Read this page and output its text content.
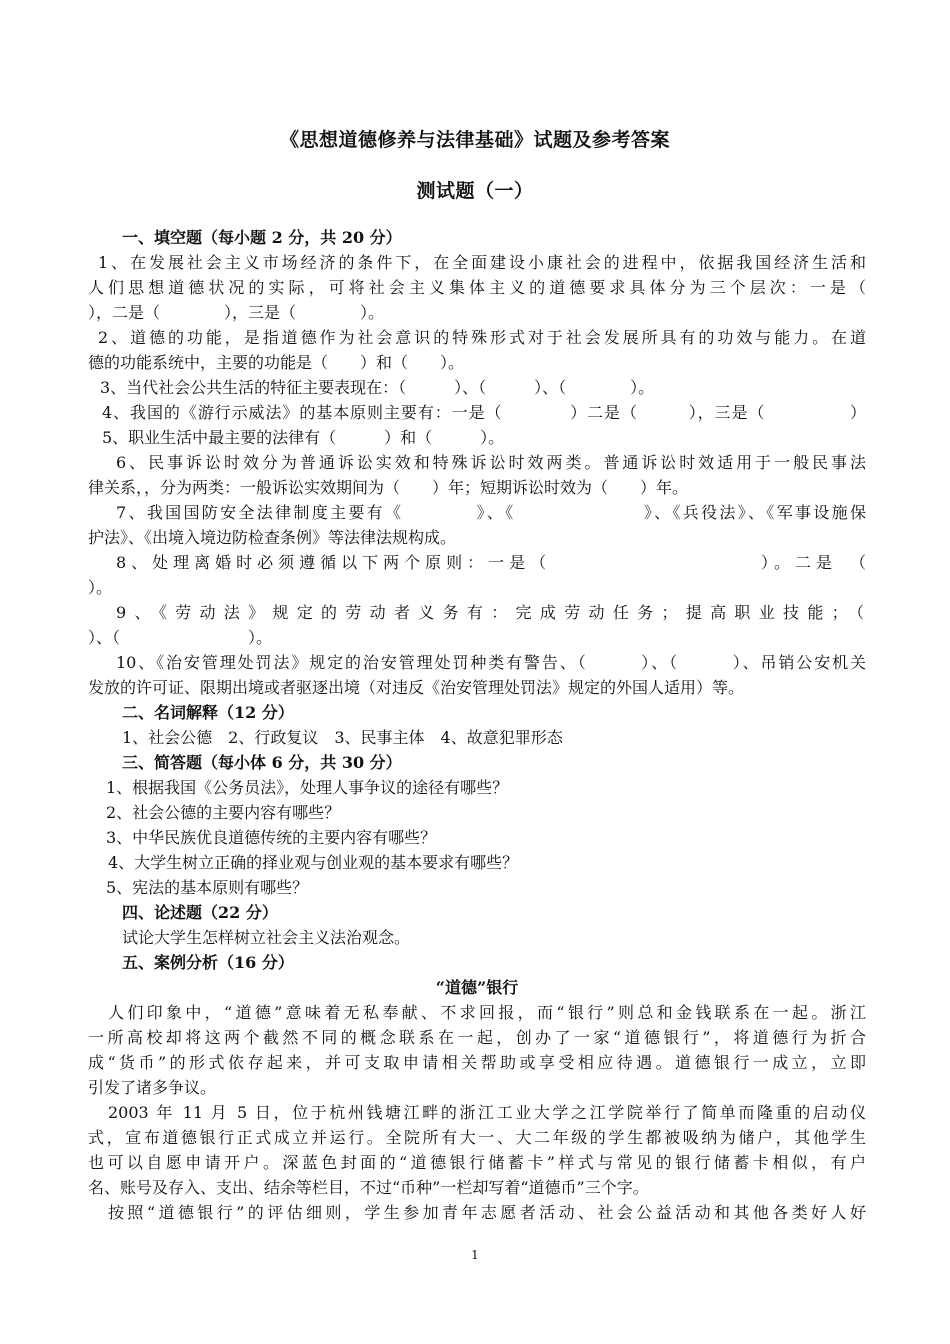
《思想道德修养与法律基础》试题及参考答案
测试题（一）

一、填空题（每小题 2 分，共 20 分）

1、在发展社会主义市场经济的条件下，在全面建设小康社会的进程中，依据我国经济生活和

人们思想道德状况的实际，可将社会主义集体主义的道德要求具体分为三个层次：一是（

），二是（　　　　），三是（　　　　）。

2、道德的功能，是指道德作为社会意识的特殊形式对于社会发展所具有的功效与能力。在道

德的功能系统中，主要的功能是（　　）和（　　）。

3、当代社会公共生活的特征主要表现在：（　　　）、（　　　）、（　　　　）。

4、我国的《游行示威法》的基本原则主要有：一是（　　　　）二是（　　　），三是（　　　　　）

5、职业生活中最主要的法律有（　　　）和（　　　）。

6、民事诉讼时效分为普通诉讼实效和特殊诉讼时效两类。普通诉讼时效适用于一般民事法

律关系，，分为两类：一般诉讼实效期间为（　　）年；短期诉讼时效为（　　）年。

7、我国国防安全法律制度主要有《　　　　》、《　　　　　　　》、《兵役法》、《军事设施保

护法》、《出境入境边防检查条例》等法律法规构成。

8、处理离婚时必须遵循以下两个原则：一是（　　　　　　　　　　）。二是　（

）。

9、《劳动法》规定的劳动者义务有：完成劳动任务；提高职业技能；（

）、（　　　　　　　　）。

10、《治安管理处罚法》规定的治安管理处罚种类有警告、（　　　）、（　　　）、吊销公安机关

发放的许可证、限期出境或者驱逐出境（对违反《治安管理处罚法》规定的外国人适用）等。

二、名词解释（12 分）

1、社会公德　2、行政复议　3、民事主体　4、故意犯罪形态

三、简答题（每小体 6 分，共 30 分）

1、根据我国《公务员法》，处理人事争议的途径有哪些？

2、社会公德的主要内容有哪些？

3、中华民族优良道德传统的主要内容有哪些？

4、大学生树立正确的择业观与创业观的基本要求有哪些？

5、宪法的基本原则有哪些？

四、论述题（22 分）

试论大学生怎样树立社会主义法治观念。

五、案例分析（16 分）

“道德”银行

人们印象中，“道德”意味着无私奉献、不求回报，而“银行”则总和金钱联系在一起。浙江

一所高校却将这两个截然不同的概念联系在一起，创办了一家“道德银行”，将道德行为折合

成“货币”的形式依存起来，并可支取申请相关帮助或享受相应待遇。道德银行一成立，立即

引发了诸多争议。

2003 年 11 月 5 日，位于杭州钱塘江畔的浙江工业大学之江学院举行了简单而隆重的启动仪

式，宣布道德银行正式成立并运行。全院所有大一、大二年级的学生都被吸纳为储户，其他学生

也可以自愿申请开户。深蓝色封面的“道德银行储蓄卡”样式与常见的银行储蓄卡相似，有户

名、账号及存入、支出、结余等栏目，不过“币种”一栏却写着“道德币”三个字。

按照“道德银行”的评估细则，学生参加青年志愿者活动、社会公益活动和其他各类好人好

1
